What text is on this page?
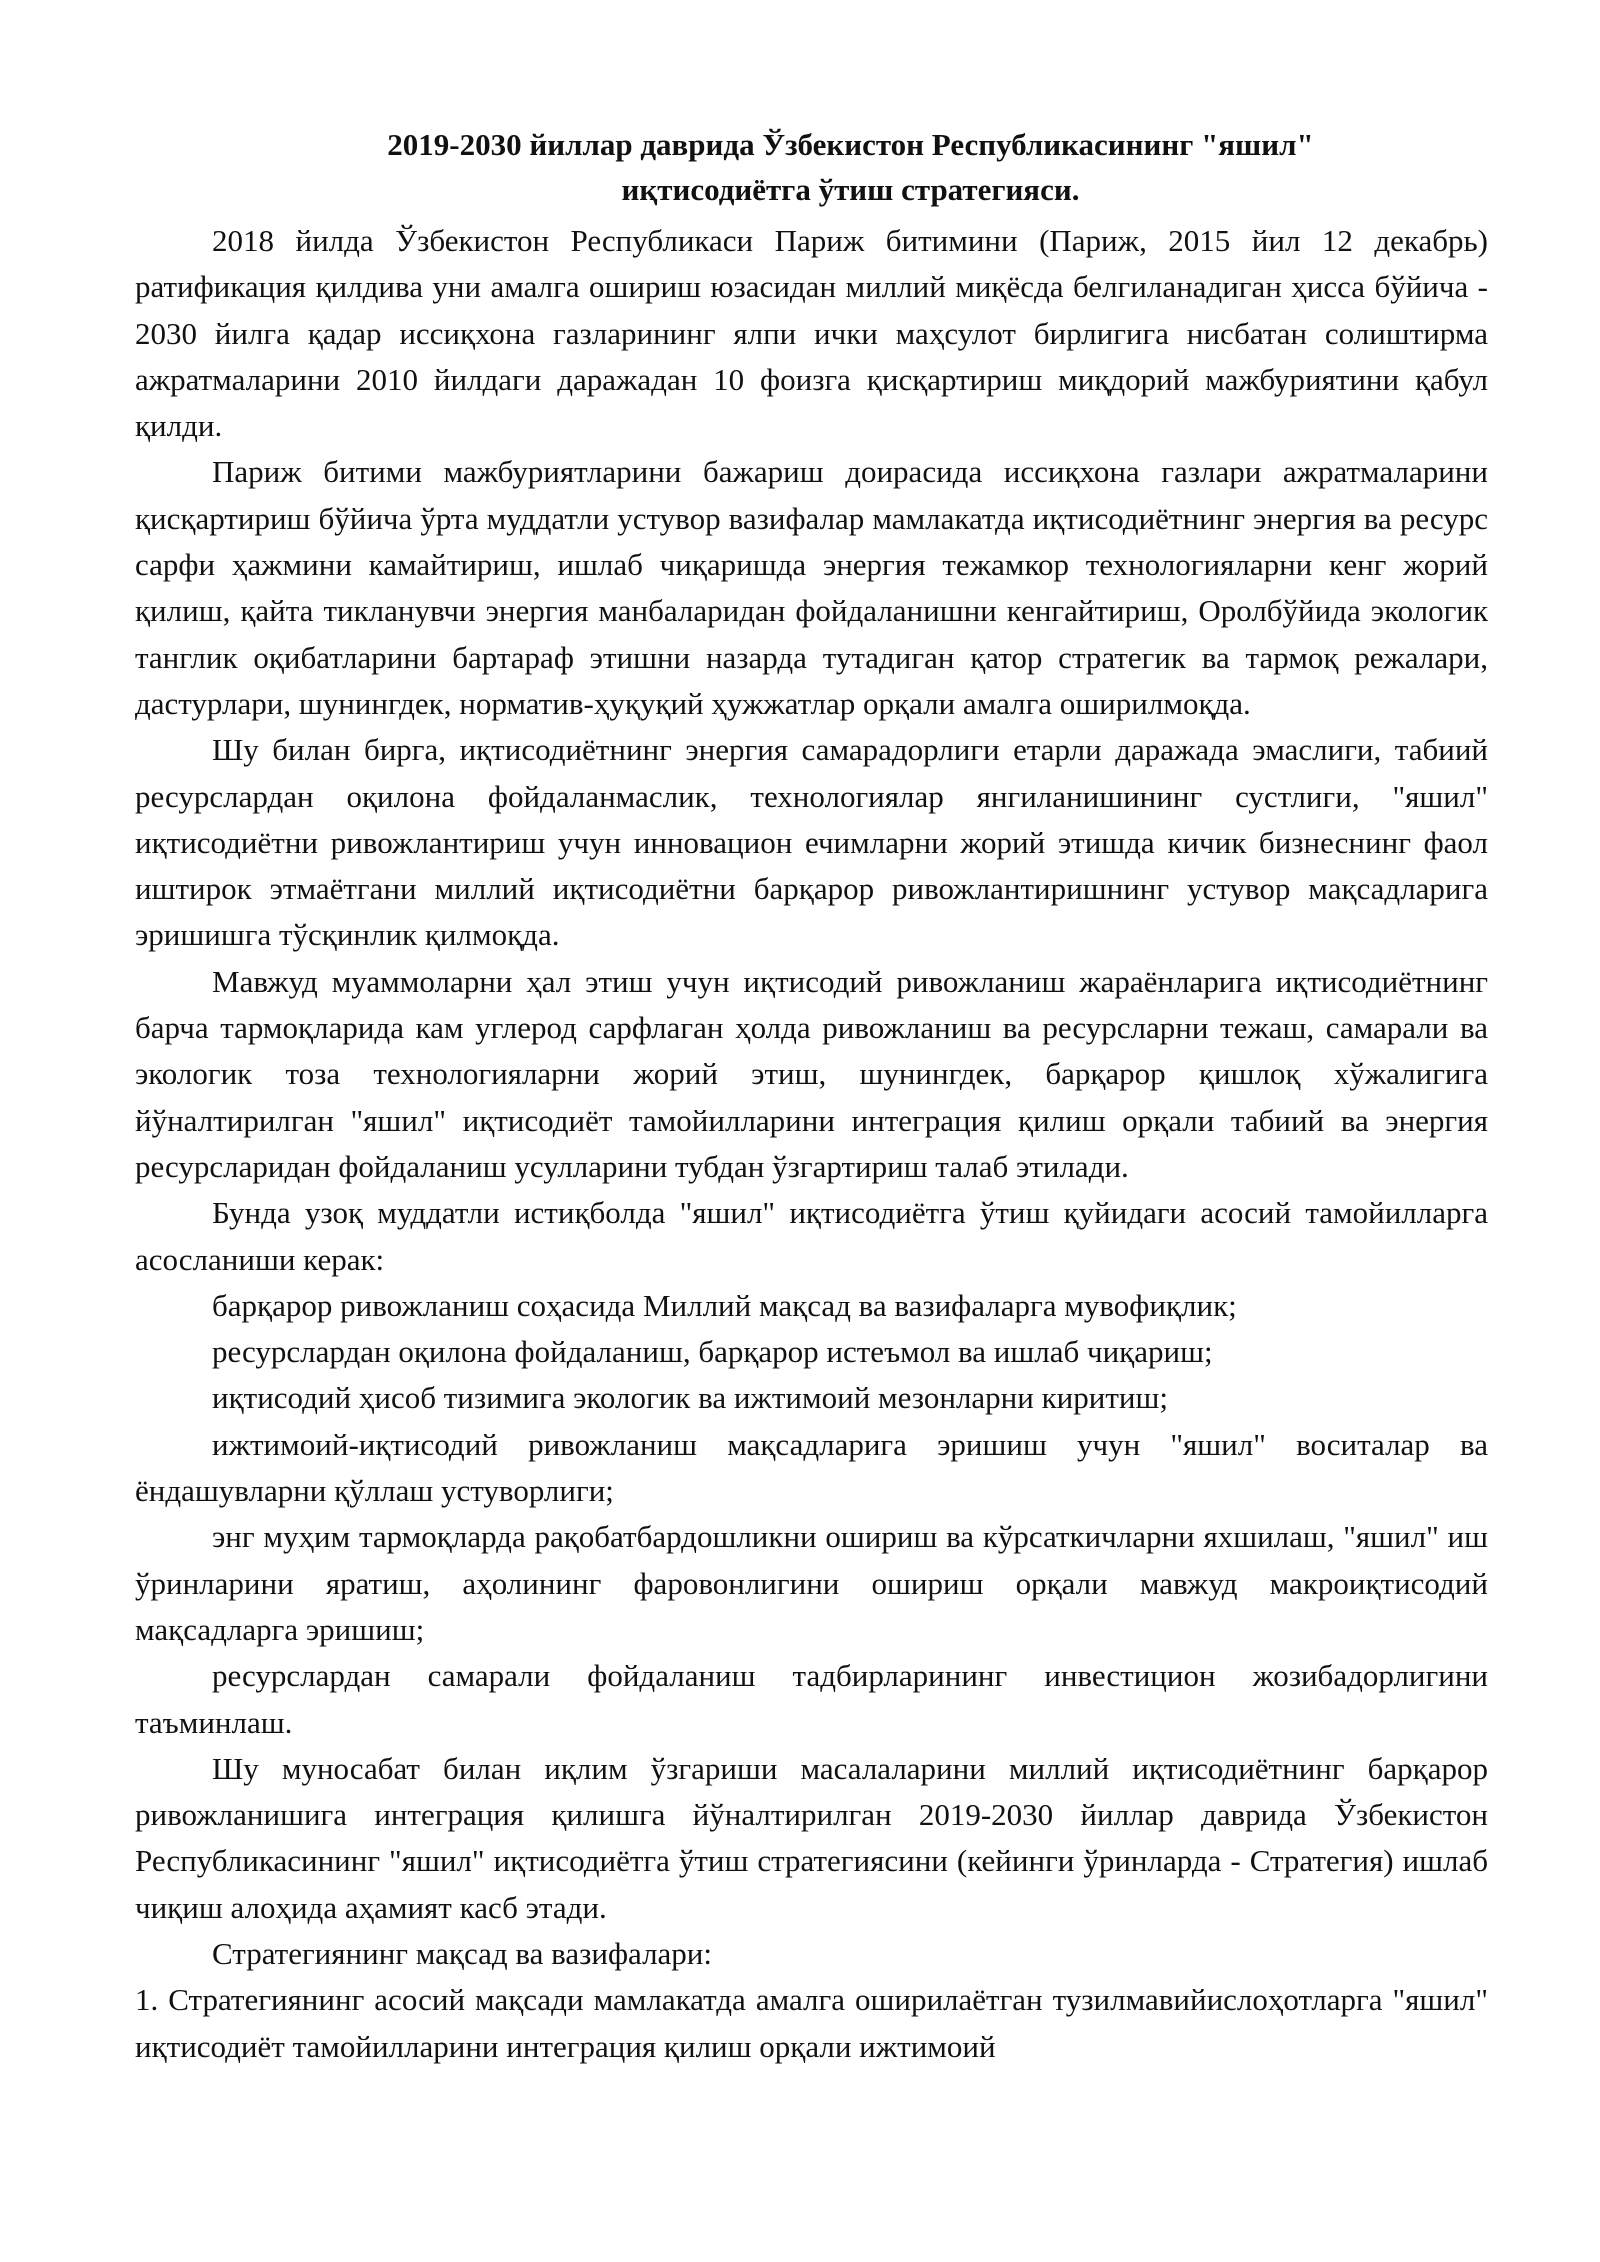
2019-2030 йиллар даврида Ўзбекистон Республикасининг "яшил"
иқтисодиётга ўтиш стратегияси.

2018 йилда Ўзбекистон Республикаси Париж битимини (Париж, 2015 йил 12 декабрь) ратификация қилдива уни амалга ошириш юзасидан миллий миқёсда белгиланадиган ҳисса бўйича - 2030 йилга қадар иссиқхона газларининг ялпи ички маҳсулот бирлигига нисбатан солиштирма ажратмаларини 2010 йилдаги даражадан 10 фоизга қисқартириш миқдорий мажбуриятини қабул қилди.

Париж битими мажбуриятларини бажариш доирасида иссиқхона газлари ажратмаларини қисқартириш бўйича ўрта муддатли устувор вазифалар мамлакатда иқтисодиётнинг энергия ва ресурс сарфи ҳажмини камайтириш, ишлаб чиқаришда энергия тежамкор технологияларни кенг жорий қилиш, қайта тикланувчи энергия манбаларидан фойдаланишни кенгайтириш, Оролбўйида экологик танглик оқибатларини бартараф этишни назарда тутадиган қатор стратегик ва тармоқ режалари, дастурлари, шунингдек, норматив-ҳуқуқий ҳужжатлар орқали амалга оширилмоқда.

Шу билан бирга, иқтисодиётнинг энергия самарадорлиги етарли даражада эмаслиги, табиий ресурслардан оқилона фойдаланмаслик, технологиялар янгиланишининг сустлиги, "яшил" иқтисодиётни ривожлантириш учун инновацион ечимларни жорий этишда кичик бизнеснинг фаол иштирок этмаётгани миллий иқтисодиётни барқарор ривожлантиришнинг устувор мақсадларига эришишга тўсқинлик қилмоқда.

Мавжуд муаммоларни ҳал этиш учун иқтисодий ривожланиш жараёнларига иқтисодиётнинг барча тармоқларида кам углерод сарфлаган ҳолда ривожланиш ва ресурсларни тежаш, самарали ва экологик тоза технологияларни жорий этиш, шунингдек, барқарор қишлоқ хўжалигига йўналтирилган "яшил" иқтисодиёт тамойилларини интеграция қилиш орқали табиий ва энергия ресурсларидан фойдаланиш усулларини тубдан ўзгартириш талаб этилади.

Бунда узоқ муддатли истиқболда "яшил" иқтисодиётга ўтиш қуйидаги асосий тамойилларга асосланиши керак:

барқарор ривожланиш соҳасида Миллий мақсад ва вазифаларга мувофиқлик;

ресурслардан оқилона фойдаланиш, барқарор истеъмол ва ишлаб чиқариш;

иқтисодий ҳисоб тизимига экологик ва ижтимоий мезонларни киритиш;

ижтимоий-иқтисодий ривожланиш мақсадларига эришиш учун "яшил" воситалар ва ёндашувларни қўллаш устуворлиги;

энг муҳим тармоқларда рақобатбардошликни ошириш ва кўрсаткичларни яхшилаш, "яшил" иш ўринларини яратиш, аҳолининг фаровонлигини ошириш орқали мавжуд макроиқтисодий мақсадларга эришиш;

ресурслардан самарали фойдаланиш тадбирларининг инвестицион жозибадорлигини таъминлаш.

Шу муносабат билан иқлим ўзгариши масалаларини миллий иқтисодиётнинг барқарор ривожланишига интеграция қилишга йўналтирилган 2019-2030 йиллар даврида Ўзбекистон Республикасининг "яшил" иқтисодиётга ўтиш стратегиясини (кейинги ўринларда - Стратегия) ишлаб чиқиш алоҳида аҳамият касб этади.

Стратегиянинг мақсад ва вазифалари:

1. Стратегиянинг асосий мақсади мамлакатда амалга оширилаётган тузилмавийислоҳотларга "яшил" иқтисодиёт тамойилларини интеграция қилиш орқали ижтимоий
